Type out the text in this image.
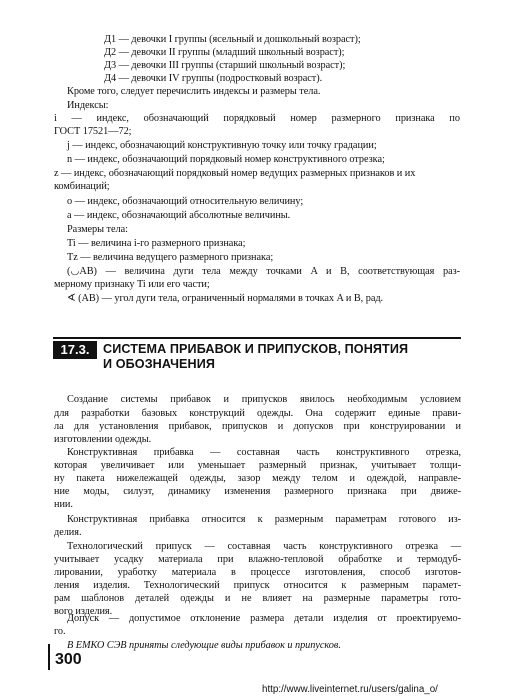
Д1 — девочки I группы (ясельный и дошкольный возраст);
Д2 — девочки II группы (младший школьный возраст);
Д3 — девочки III группы (старший школьный возраст);
Д4 — девочки IV группы (подростковый возраст).
Кроме того, следует перечислить индексы и размеры тела.
Индексы:
i — индекс, обозначающий порядковый номер размерного признака по
ГОСТ 17521—72;
j — индекс, обозначающий конструктивную точку или точку градации;
n — индекс, обозначающий порядковый номер конструктивного отрезка;
z — индекс, обозначающий порядковый номер ведущих размерных признаков и их комбинаций;
o — индекс, обозначающий относительную величину;
a — индекс, обозначающий абсолютные величины.
Размеры тела:
Ti — величина i-го размерного признака;
Tz — величина ведущего размерного признака;
(◡AB) — величина дуги тела между точками A и B, соответствующая раз-
мерному признаку Ti или его части;
∢ (AB) — угол дуги тела, ограниченный нормалями в точках A и B, рад.
17.3.	СИСТЕМА ПРИБАВОК И ПРИПУСКОВ, ПОНЯТИЯ
И ОБОЗНАЧЕНИЯ
Создание системы прибавок и припусков явилось необходимым условием
для разработки базовых конструкций одежды. Она содержит единые прави-
ла для установления прибавок, припусков и допусков при конструировании и
изготовлении одежды.
Конструктивная прибавка — составная часть конструктивного отрезка,
которая увеличивает или уменьшает размерный признак, учитывает толщи-
ну пакета нижележащей одежды, зазор между телом и одеждой, направле-
ние моды, силуэт, динамику изменения размерного признака при движе-
нии.
Конструктивная прибавка относится к размерным параметрам готового из-
делия.
Технологический припуск — составная часть конструктивного отрезка —
учитывает усадку материала при влажно-тепловой обработке и термодуб-
лировании, уработку материала в процессе изготовления, способ изготов-
ления изделия. Технологический припуск относится к размерным парамет-
рам шаблонов деталей одежды и не влияет на размерные параметры гото-
вого изделия.
Допуск — допустимое отклонение размера детали изделия от проектируемо-
го.
В ЕМКО СЭВ приняты следующие виды прибавок и припусков.
300
http://www.liveinternet.ru/users/galina_o/
